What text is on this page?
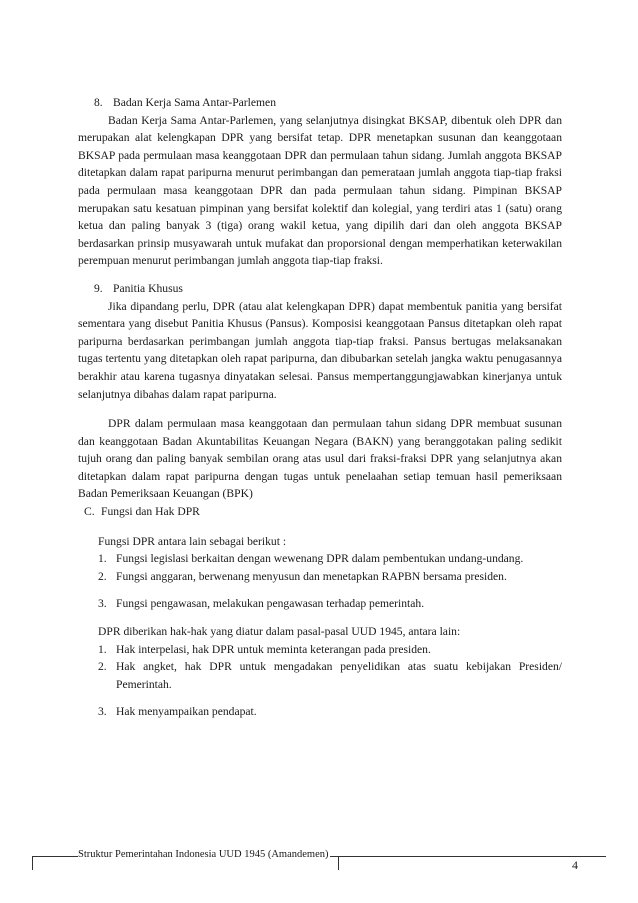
8. Badan Kerja Sama Antar-Parlemen

Badan Kerja Sama Antar-Parlemen, yang selanjutnya disingkat BKSAP, dibentuk oleh DPR dan merupakan alat kelengkapan DPR yang bersifat tetap. DPR menetapkan susunan dan keanggotaan BKSAP pada permulaan masa keanggotaan DPR dan permulaan tahun sidang. Jumlah anggota BKSAP ditetapkan dalam rapat paripurna menurut perimbangan dan pemerataan jumlah anggota tiap-tiap fraksi pada permulaan masa keanggotaan DPR dan pada permulaan tahun sidang. Pimpinan BKSAP merupakan satu kesatuan pimpinan yang bersifat kolektif dan kolegial, yang terdiri atas 1 (satu) orang ketua dan paling banyak 3 (tiga) orang wakil ketua, yang dipilih dari dan oleh anggota BKSAP berdasarkan prinsip musyawarah untuk mufakat dan proporsional dengan memperhatikan keterwakilan perempuan menurut perimbangan jumlah anggota tiap-tiap fraksi.

9. Panitia Khusus

Jika dipandang perlu, DPR (atau alat kelengkapan DPR) dapat membentuk panitia yang bersifat sementara yang disebut Panitia Khusus (Pansus). Komposisi keanggotaan Pansus ditetapkan oleh rapat paripurna berdasarkan perimbangan jumlah anggota tiap-tiap fraksi. Pansus bertugas melaksanakan tugas tertentu yang ditetapkan oleh rapat paripurna, dan dibubarkan setelah jangka waktu penugasannya berakhir atau karena tugasnya dinyatakan selesai. Pansus mempertanggungjawabkan kinerjanya untuk selanjutnya dibahas dalam rapat paripurna.

DPR dalam permulaan masa keanggotaan dan permulaan tahun sidang DPR membuat susunan dan keanggotaan Badan Akuntabilitas Keuangan Negara (BAKN) yang beranggotakan paling sedikit tujuh orang dan paling banyak sembilan orang atas usul dari fraksi-fraksi DPR yang selanjutnya akan ditetapkan dalam rapat paripurna dengan tugas untuk penelaahan setiap temuan hasil pemeriksaan Badan Pemeriksaan Keuangan (BPK)

C. Fungsi dan Hak DPR

Fungsi DPR antara lain sebagai berikut :

1. Fungsi legislasi berkaitan dengan wewenang DPR dalam pembentukan undang-undang.
2. Fungsi anggaran, berwenang menyusun dan menetapkan RAPBN bersama presiden.
3. Fungsi pengawasan, melakukan pengawasan terhadap pemerintah.

DPR diberikan hak-hak yang diatur dalam pasal-pasal UUD 1945, antara lain:

1. Hak interpelasi, hak DPR untuk meminta keterangan pada presiden.
2. Hak angket, hak DPR untuk mengadakan penyelidikan atas suatu kebijakan Presiden/ Pemerintah.
3. Hak menyampaikan pendapat.
Struktur Pemerintahan Indonesia UUD 1945 (Amandemen)
4
